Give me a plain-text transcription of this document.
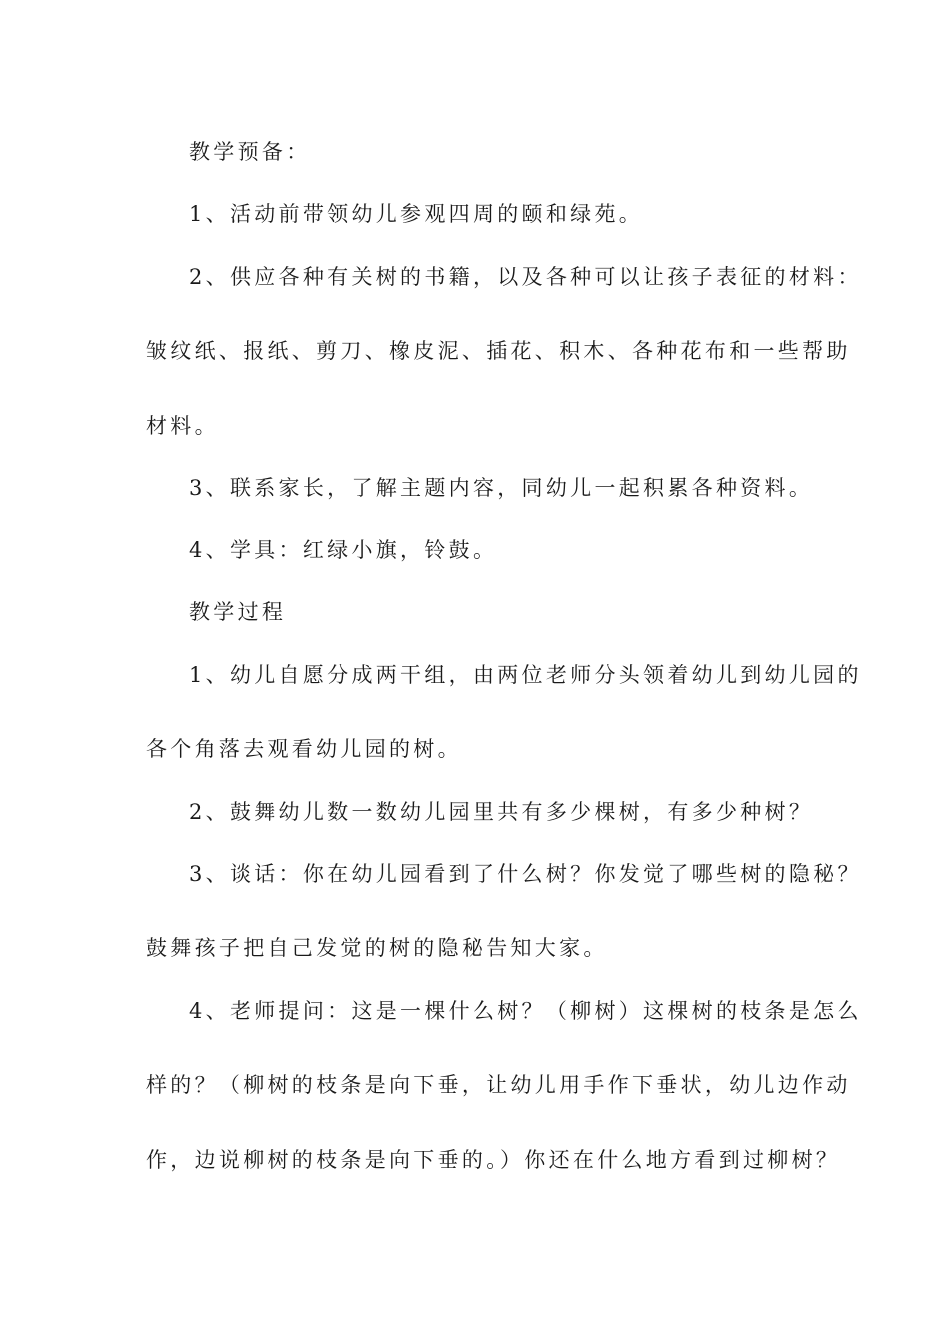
教学预备：
1、活动前带领幼儿参观四周的颐和绿苑。
2、供应各种有关树的书籍，以及各种可以让孩子表征的材料：
皱纹纸、报纸、剪刀、橡皮泥、插花、积木、各种花布和一些帮助
材料。
3、联系家长，了解主题内容，同幼儿一起积累各种资料。
4、学具：红绿小旗，铃鼓。
教学过程
1、幼儿自愿分成两干组，由两位老师分头领着幼儿到幼儿园的
各个角落去观看幼儿园的树。
2、鼓舞幼儿数一数幼儿园里共有多少棵树，有多少种树？
3、谈话：你在幼儿园看到了什么树？你发觉了哪些树的隐秘？
鼓舞孩子把自己发觉的树的隐秘告知大家。
4、老师提问：这是一棵什么树？（柳树）这棵树的枝条是怎么
样的？（柳树的枝条是向下垂，让幼儿用手作下垂状，幼儿边作动
作，边说柳树的枝条是向下垂的。）你还在什么地方看到过柳树？
